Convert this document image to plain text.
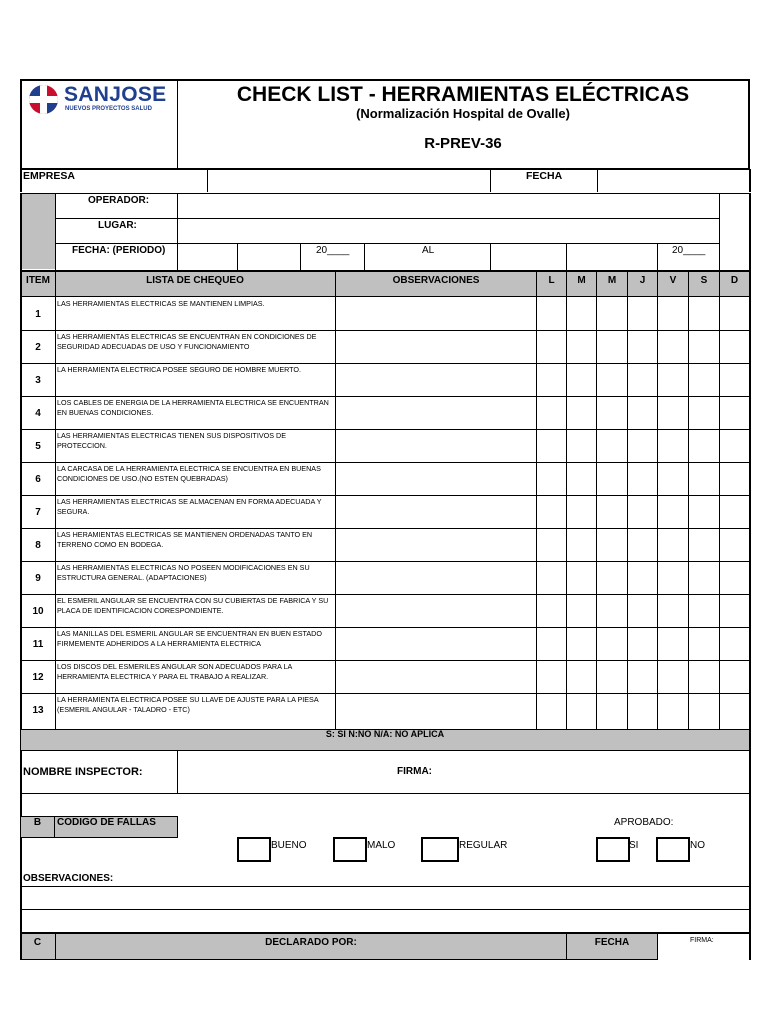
SANJOSE
NUEVOS PROYECTOS SALUD
CHECK LIST - HERRAMIENTAS ELÉCTRICAS
(Normalización Hospital de Ovalle)
R-PREV-36
EMPRESA	FECHA
OPERADOR:
LUGAR:
FECHA: (PERIODO)	20____	AL	20____
ITEM	LISTA DE CHEQUEO	OBSERVACIONES	L	M	M	J	V	S	D
1
LAS HERRAMIENTAS ELECTRICAS SE MANTIENEN LIMPIAS.
2
LAS HERRAMIENTAS ELECTRICAS SE ENCUENTRAN EN CONDICIONES DE SEGURIDAD ADECUADAS DE USO Y FUNCIONAMIENTO
3
LA HERRAMIENTA ELECTRICA POSEE SEGURO DE HOMBRE MUERTO.
4
LOS CABLES DE ENERGIA DE LA HERRAMIENTA ELECTRICA SE ENCUENTRAN EN BUENAS CONDICIONES.
5
LAS HERRAMIENTAS ELECTRICAS TIENEN SUS DISPOSITIVOS DE PROTECCION.
6
LA CARCASA DE LA HERRAMIENTA ELECTRICA SE ENCUENTRA EN BUENAS CONDICIONES DE USO.(NO ESTEN QUEBRADAS)
7
LAS HERRAMIENTAS ELECTRICAS SE ALMACENAN EN FORMA ADECUADA Y SEGURA.
8
LAS HERAMIENTAS ELECTRICAS SE MANTIENEN ORDENADAS TANTO EN TERRENO COMO EN BODEGA.
9
LAS HERRAMIENTAS ELECTRICAS NO POSEEN MODIFICACIONES EN SU ESTRUCTURA GENERAL. (ADAPTACIONES)
10
EL ESMERIL ANGULAR SE ENCUENTRA CON SU CUBIERTAS DE FABRICA Y SU PLACA DE IDENTIFICACION CORESPONDIENTE.
11
LAS MANILLAS DEL ESMERIL ANGULAR SE ENCUENTRAN EN BUEN ESTADO FIRMEMENTE ADHERIDOS A LA HERRAMIENTA ELECTRICA
12
LOS DISCOS DEL ESMERILES ANGULAR SON ADECUADOS PARA LA HERRAMIENTA ELECTRICA Y PARA EL TRABAJO A REALIZAR.
13
LA HERRAMIENTA ELECTRICA POSEE SU LLAVE DE AJUSTE PARA LA PIESA (ESMERIL ANGULAR - TALADRO - ETC)
S: SI N:NO N/A: NO APLICA
NOMBRE INSPECTOR:	FIRMA:
B	CODIGO DE FALLAS	APROBADO:
BUENO	MALO	REGULAR	SI	NO
OBSERVACIONES:
C	DECLARADO POR:	FECHA	FIRMA:
